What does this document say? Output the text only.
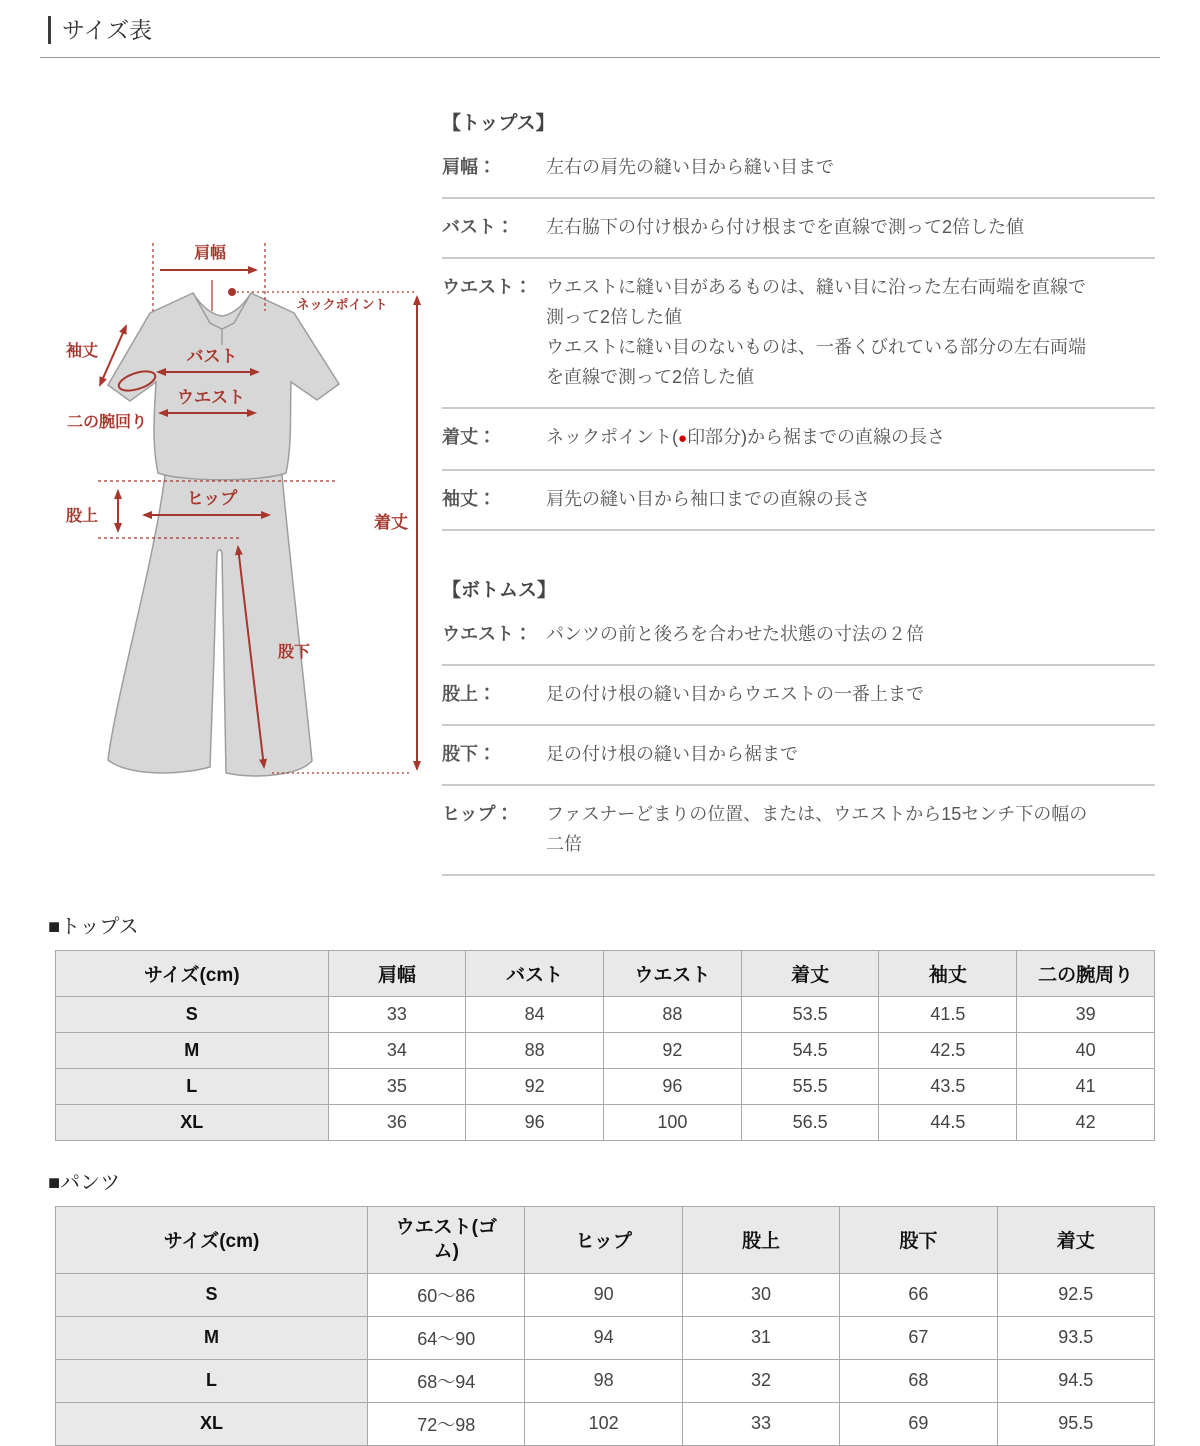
サイズ表
肩幅
ネックポイント
着丈
袖丈
二の腕回り
バスト
ウエスト
股上
ヒップ
股下

【トップス】

肩幅：	左右の肩先の縫い目から縫い目まで
バスト：	左右脇下の付け根から付け根までを直線で測って2倍した値
ウエスト： ウエストに縫い目があるものは、縫い目に沿った左右両端を直線で
測って2倍した値
ウエストに縫い目のないものは、一番くびれている部分の左右両端
を直線で測って2倍した値
着丈：	ネックポイント(●印部分)から裾までの直線の長さ
袖丈：	肩先の縫い目から袖口までの直線の長さ

【ボトムス】

ウエスト： パンツの前と後ろを合わせた状態の寸法の２倍
股上：	足の付け根の縫い目からウエストの一番上まで
股下：	足の付け根の縫い目から裾まで
ヒップ：	ファスナーどまりの位置、または、ウエストから15センチ下の幅の
二倍

■トップス

サイズ(cm)	肩幅	バスト	ウエスト	着丈	袖丈	二の腕周り
S	33	84	88	53.5	41.5	39
M	34	88	92	54.5	42.5	40
L	35	92	96	55.5	43.5	41
XL	36	96	100	56.5	44.5	42

■パンツ

サイズ(cm)	ウエスト(ゴム)	ヒップ	股上	股下	着丈
S	60〜86	90	30	66	92.5
M	64〜90	94	31	67	93.5
L	68〜94	98	32	68	94.5
XL	72〜98	102	33	69	95.5
